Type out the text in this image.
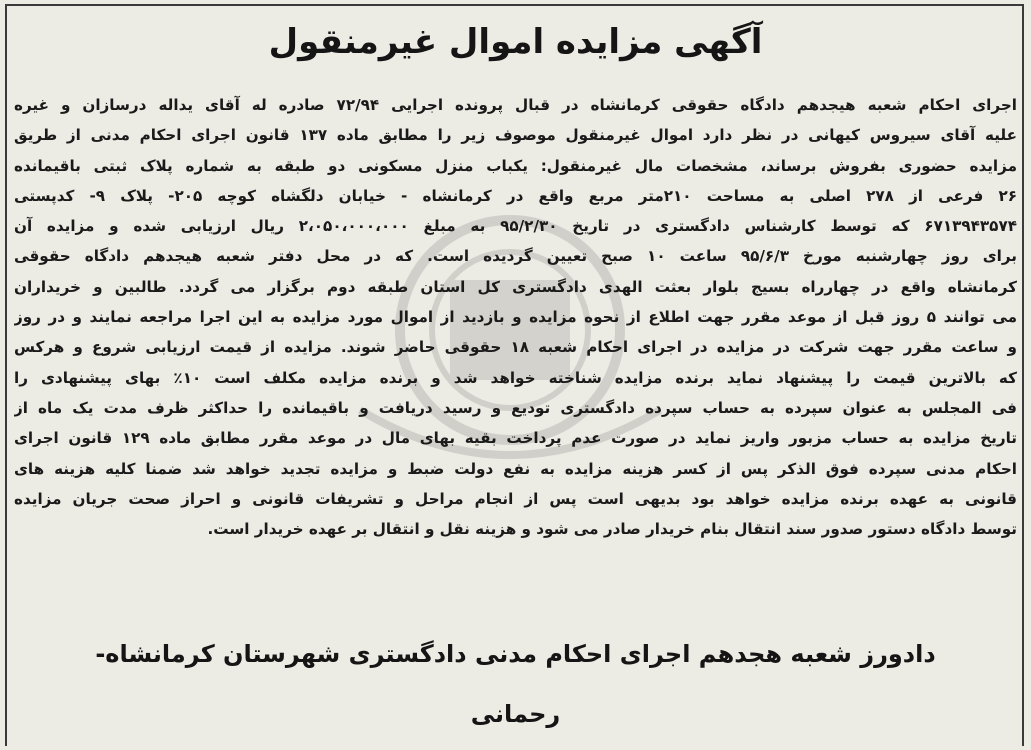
آگهی مزایده اموال غیرمنقول
اجرای احکام شعبه هیجدهم دادگاه حقوقی کرمانشاه در قبال پرونده اجرایی ۷۲/۹۴ صادره له آقای یداله درسازان و غیره
علیه آقای سیروس کیهانی در نظر دارد اموال غیرمنقول موصوف زیر را مطابق ماده ۱۳۷ قانون اجرای احکام مدنی از طریق
مزایده حضوری بفروش برساند، مشخصات مال غیرمنقول: یکباب منزل مسکونی دو طبقه به شماره پلاک ثبتی باقیمانده
۲۶ فرعی از ۲۷۸ اصلی به مساحت ۲۱۰متر مربع واقع در کرمانشاه - خیابان دلگشاه کوچه ۲۰۵- پلاک ۹- کدپستی
۶۷۱۳۹۴۳۵۷۴ که توسط کارشناس دادگستری در تاریخ ۹۵/۲/۳۰ به مبلغ ۲،۰۵۰،۰۰۰،۰۰۰ ریال ارزیابی شده و مزایده آن
برای روز چهارشنبه مورخ ۹۵/۶/۳ ساعت ۱۰ صبح تعیین گردیده است. که در محل دفتر شعبه هیجدهم دادگاه حقوقی
کرمانشاه واقع در چهارراه بسیج بلوار بعثت الهدی دادگستری کل استان طبقه دوم برگزار می گردد. طالبین و خریداران
می توانند ۵ روز قبل از موعد مقرر جهت اطلاع از نحوه مزایده و بازدید از اموال مورد مزایده به این اجرا مراجعه نمایند و در روز
و ساعت مقرر جهت شرکت در مزایده در اجرای احکام شعبه ۱۸ حقوقی حاضر شوند. مزایده از قیمت ارزیابی شروع و هرکس
که بالاترین قیمت را پیشنهاد نماید برنده مزایده شناخته خواهد شد و برنده مزایده مکلف است ۱۰٪ بهای پیشنهادی را
فی المجلس به عنوان سپرده به حساب سپرده دادگستری تودیع و رسید دریافت و باقیمانده را حداکثر ظرف مدت یک ماه از
تاریخ مزایده به حساب مزبور واریز نماید در صورت عدم پرداخت بقیه بهای مال در موعد مقرر مطابق ماده ۱۲۹ قانون اجرای
احکام مدنی سپرده فوق الذکر پس از کسر هزینه مزایده به نفع دولت ضبط و مزایده تجدید خواهد شد ضمنا کلیه هزینه های
قانونی به عهده برنده مزایده خواهد بود بدیهی است پس از انجام مراحل و تشریفات قانونی و احراز صحت جریان مزایده
توسط دادگاه دستور صدور سند انتقال بنام خریدار صادر می شود و هزینه نقل و انتقال بر عهده خریدار است.
دادورز شعبه هجدهم اجرای احکام مدنی دادگستری شهرستان کرمانشاه-
رحمانی
